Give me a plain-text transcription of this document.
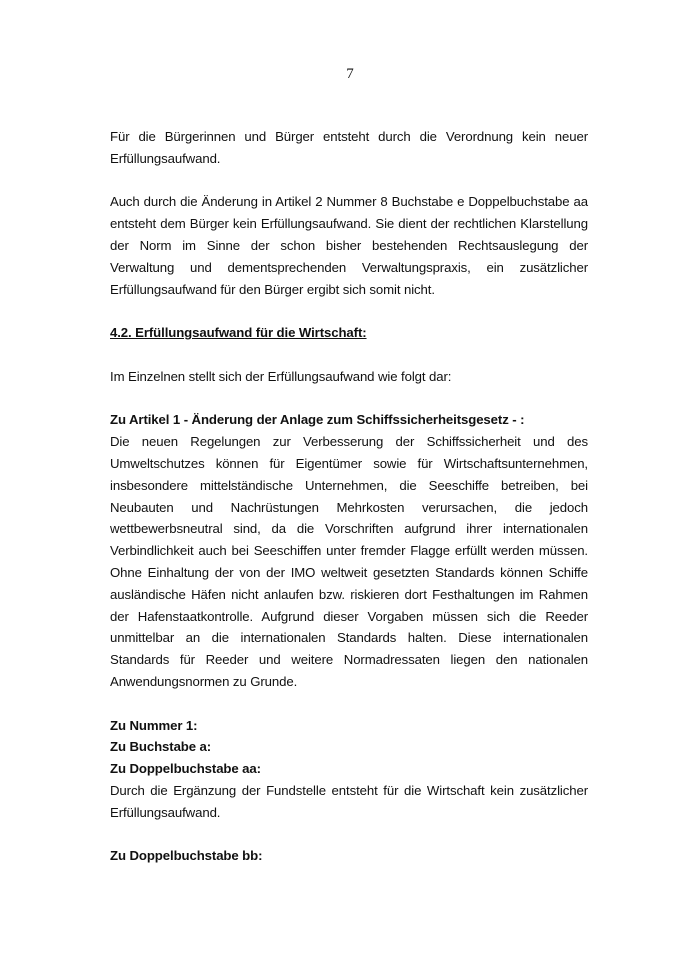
7

Für die Bürgerinnen und Bürger entsteht durch die Verordnung kein neuer Erfüllungsaufwand.

Auch durch die Änderung in Artikel 2 Nummer 8 Buchstabe e Doppelbuchstabe aa entsteht dem Bürger kein Erfüllungsaufwand. Sie dient der rechtlichen Klarstellung der Norm im Sinne der schon bisher bestehenden Rechtsauslegung der Verwaltung und dementsprechenden Verwaltungspraxis, ein zusätzlicher Erfüllungsaufwand für den Bürger ergibt sich somit nicht.

4.2. Erfüllungsaufwand für die Wirtschaft:

Im Einzelnen stellt sich der Erfüllungsaufwand wie folgt dar:

Zu Artikel 1 - Änderung der Anlage zum Schiffssicherheitsgesetz - :

Die neuen Regelungen zur Verbesserung der Schiffssicherheit und des Umweltschutzes können für Eigentümer sowie für Wirtschaftsunternehmen, insbesondere mittelständische Unternehmen, die Seeschiffe betreiben, bei Neubauten und Nachrüstungen Mehrkosten verursachen, die jedoch wettbewerbsneutral sind, da die Vorschriften aufgrund ihrer internationalen Verbindlichkeit auch bei Seeschiffen unter fremder Flagge erfüllt werden müssen. Ohne Einhaltung der von der IMO weltweit gesetzten Standards können Schiffe ausländische Häfen nicht anlaufen bzw. riskieren dort Festhaltungen im Rahmen der Hafenstaatkontrolle. Aufgrund dieser Vorgaben müssen sich die Reeder unmittelbar an die internationalen Standards halten. Diese internationalen Standards für Reeder und weitere Normadressaten liegen den nationalen Anwendungsnormen zu Grunde.

Zu Nummer 1:

Zu Buchstabe a:

Zu Doppelbuchstabe aa:

Durch die Ergänzung der Fundstelle entsteht für die Wirtschaft kein zusätzlicher Erfüllungsaufwand.

Zu Doppelbuchstabe bb:
